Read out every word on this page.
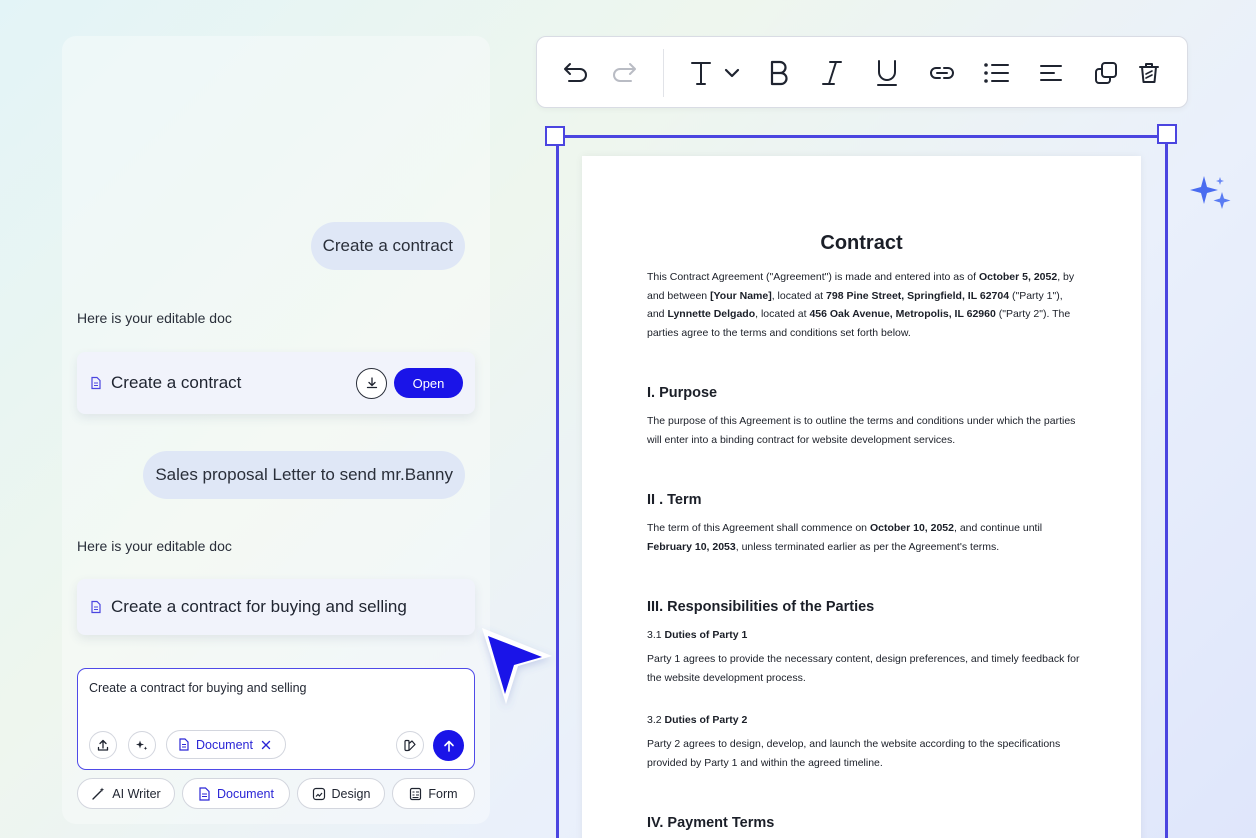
Create a contract
Here is your editable doc
Create a contract	Open
Sales proposal Letter to send mr.Banny
Here is your editable doc
Create a contract for buying and selling
Create a contract for buying and selling
Document
AI Writer	Document	Design	Form
Contract

This Contract Agreement ("Agreement") is made and entered into as of October 5, 2052, by and between [Your Name], located at 798 Pine Street, Springfield, IL 62704 ("Party 1"), and Lynnette Delgado, located at 456 Oak Avenue, Metropolis, IL 62960 ("Party 2"). The parties agree to the terms and conditions set forth below.

I. Purpose

The purpose of this Agreement is to outline the terms and conditions under which the parties will enter into a binding contract for website development services.

II . Term

The term of this Agreement shall commence on October 10, 2052, and continue until February 10, 2053, unless terminated earlier as per the Agreement's terms.

III. Responsibilities of the Parties

3.1 Duties of Party 1

Party 1 agrees to provide the necessary content, design preferences, and timely feedback for the website development process.

3.2 Duties of Party 2

Party 2 agrees to design, develop, and launch the website according to the specifications provided by Party 1 and within the agreed timeline.

IV. Payment Terms
